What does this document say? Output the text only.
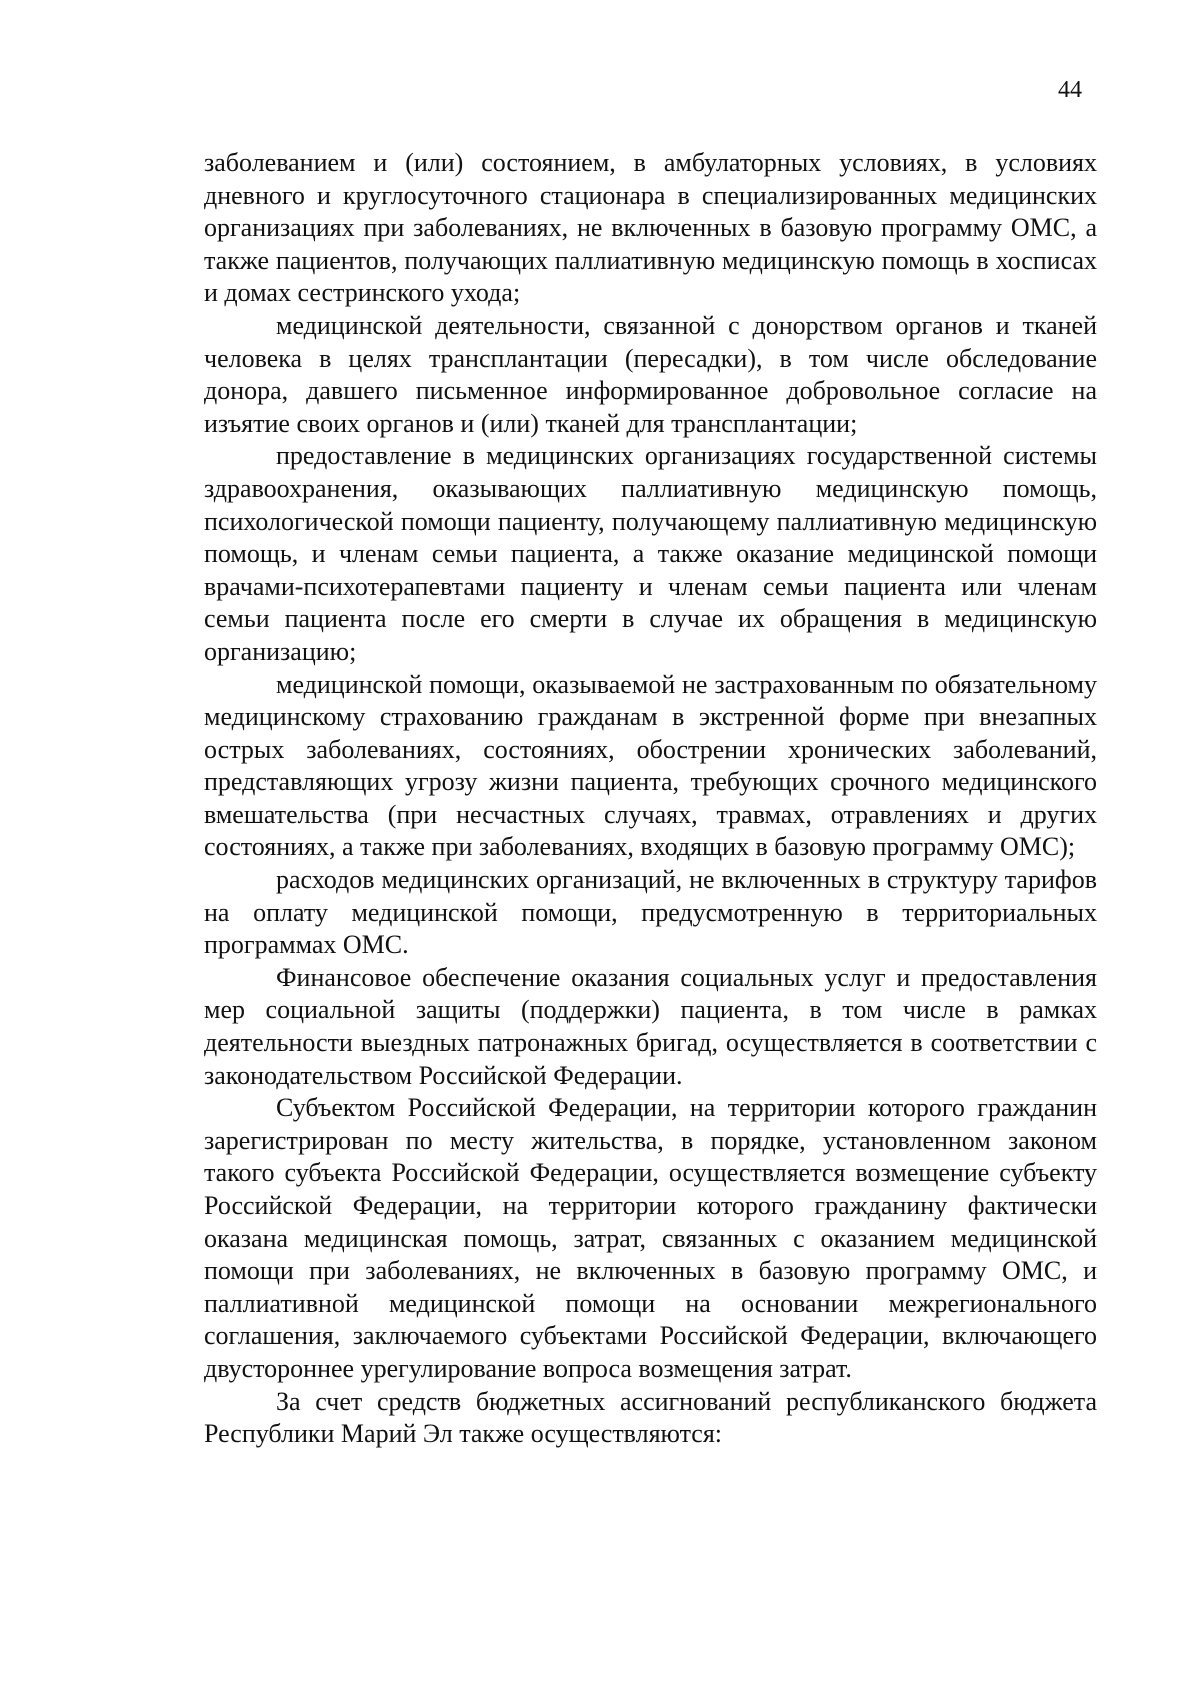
44

заболеванием и (или) состоянием, в амбулаторных условиях, в условиях дневного и круглосуточного стационара в специализированных медицинских организациях при заболеваниях, не включенных в базовую программу ОМС, а также пациентов, получающих паллиативную медицинскую помощь в хосписах и домах сестринского ухода;

медицинской деятельности, связанной с донорством органов и тканей человека в целях трансплантации (пересадки), в том числе обследование донора, давшего письменное информированное добровольное согласие на изъятие своих органов и (или) тканей для трансплантации;

предоставление в медицинских организациях государственной системы здравоохранения, оказывающих паллиативную медицинскую помощь, психологической помощи пациенту, получающему паллиативную медицинскую помощь, и членам семьи пациента, а также оказание медицинской помощи врачами-психотерапевтами пациенту и членам семьи пациента или членам семьи пациента после его смерти в случае их обращения в медицинскую организацию;

медицинской помощи, оказываемой не застрахованным по обязательному медицинскому страхованию гражданам в экстренной форме при внезапных острых заболеваниях, состояниях, обострении хронических заболеваний, представляющих угрозу жизни пациента, требующих срочного медицинского вмешательства (при несчастных случаях, травмах, отравлениях и других состояниях, а также при заболеваниях, входящих в базовую программу ОМС);

расходов медицинских организаций, не включенных в структуру тарифов на оплату медицинской помощи, предусмотренную в территориальных программах ОМС.

Финансовое обеспечение оказания социальных услуг и предоставления мер социальной защиты (поддержки) пациента, в том числе в рамках деятельности выездных патронажных бригад, осуществляется в соответствии с законодательством Российской Федерации.

Субъектом Российской Федерации, на территории которого гражданин зарегистрирован по месту жительства, в порядке, установленном законом такого субъекта Российской Федерации, осуществляется возмещение субъекту Российской Федерации, на территории которого гражданину фактически оказана медицинская помощь, затрат, связанных с оказанием медицинской помощи при заболеваниях, не включенных в базовую программу ОМС, и паллиативной медицинской помощи на основании межрегионального соглашения, заключаемого субъектами Российской Федерации, включающего двустороннее урегулирование вопроса возмещения затрат.

За счет средств бюджетных ассигнований республиканского бюджета Республики Марий Эл также осуществляются:
